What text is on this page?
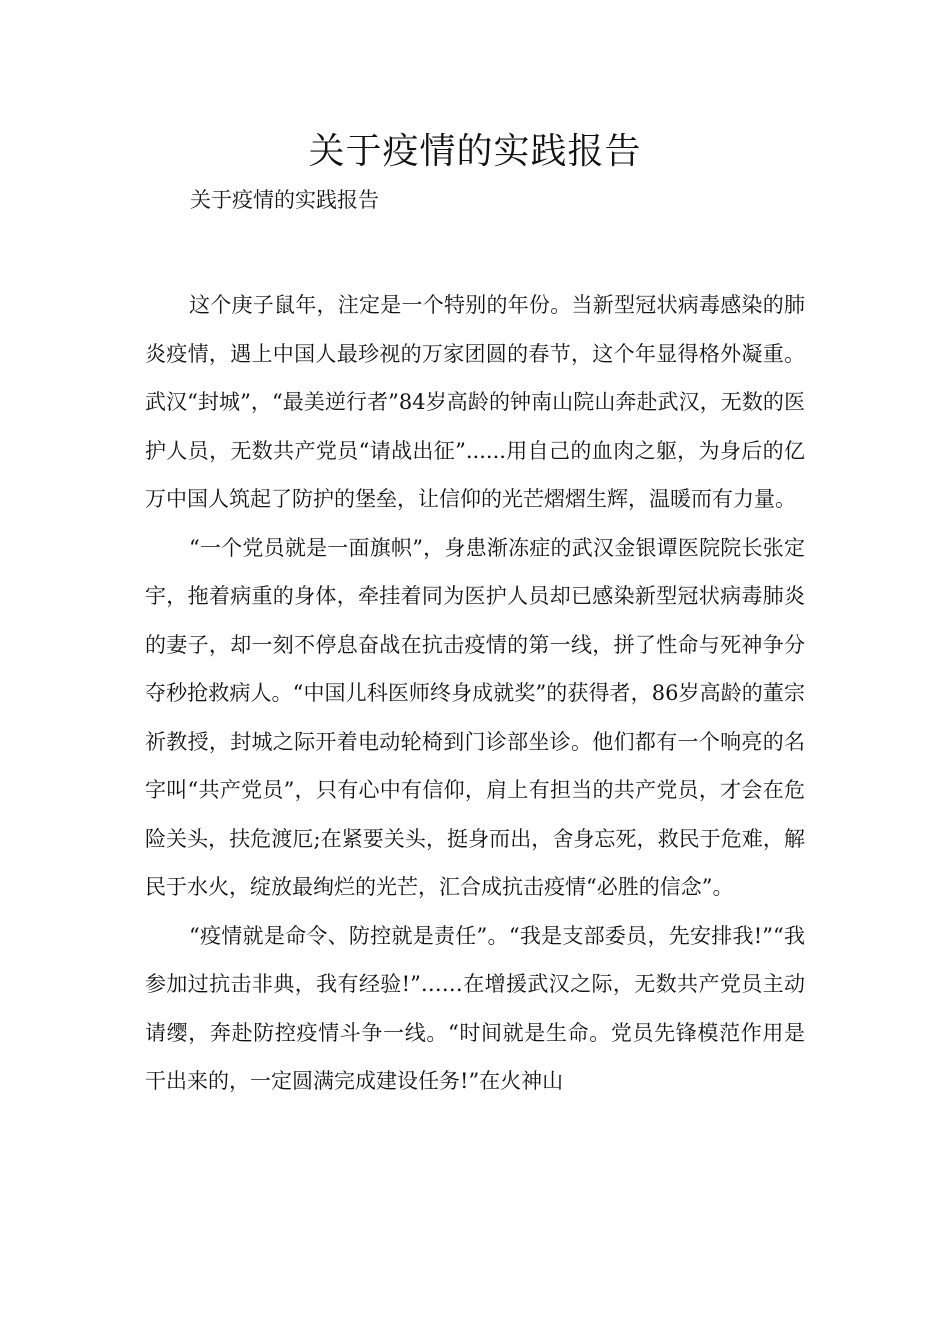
关于疫情的实践报告

关于疫情的实践报告

这个庚子鼠年，注定是一个特别的年份。当新型冠状病毒感染的肺炎疫情，遇上中国人最珍视的万家团圆的春节，这个年显得格外凝重。武汉“封城”，“最美逆行者”84岁高龄的钟南山院山奔赴武汉，无数的医护人员，无数共产党员“请战出征”......用自己的血肉之躯，为身后的亿万中国人筑起了防护的堡垒，让信仰的光芒熠熠生辉，温暖而有力量。

“一个党员就是一面旗帜”，身患渐冻症的武汉金银谭医院院长张定宇，拖着病重的身体，牵挂着同为医护人员却已感染新型冠状病毒肺炎的妻子，却一刻不停息奋战在抗击疫情的第一线，拼了性命与死神争分夺秒抢救病人。“中国儿科医师终身成就奖”的获得者，86岁高龄的董宗祈教授，封城之际开着电动轮椅到门诊部坐诊。他们都有一个响亮的名字叫“共产党员”，只有心中有信仰，肩上有担当的共产党员，才会在危险关头，扶危渡厄;在紧要关头，挺身而出，舍身忘死，救民于危难，解民于水火，绽放最绚烂的光芒，汇合成抗击疫情“必胜的信念”。

“疫情就是命令、防控就是责任”。“我是支部委员，先安排我!”“我参加过抗击非典，我有经验!”……在增援武汉之际，无数共产党员主动请缨，奔赴防控疫情斗争一线。“时间就是生命。党员先锋模范作用是干出来的，一定圆满完成建设任务!”在火神山
